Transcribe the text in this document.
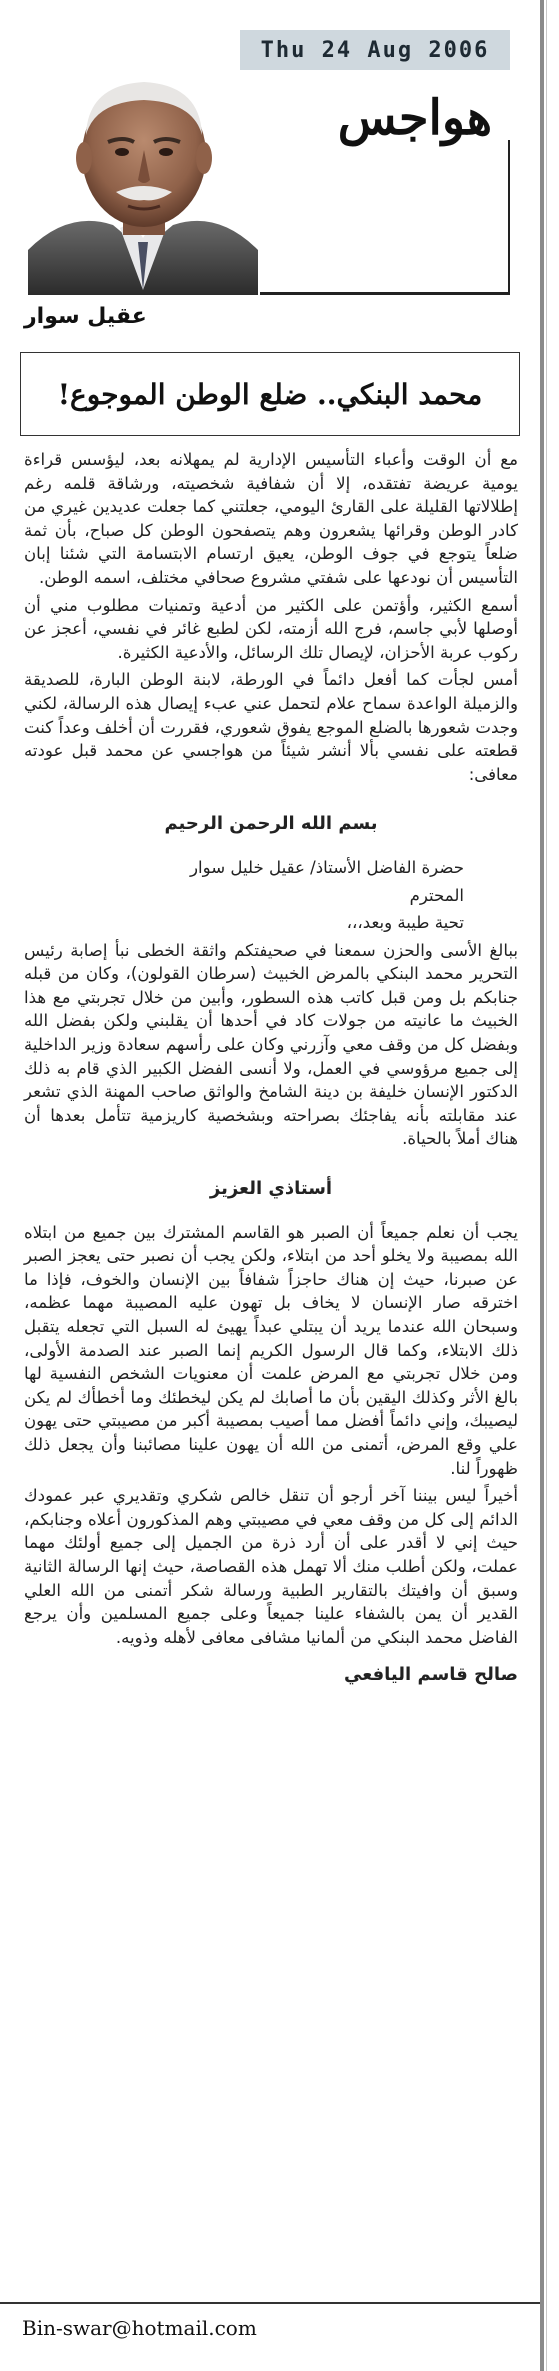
Thu 24 Aug 2006
هواجس
عقيل سوار
محمد البنكي.. ضلع الوطن الموجوع!

مع أن الوقت وأعباء التأسيس الإدارية لم يمهلانه بعد، ليؤسس قراءة يومية عريضة تفتقده، إلا أن شفافية شخصيته، ورشاقة قلمه رغم إطلالاتها القليلة على القارئ اليومي، جعلتني كما جعلت عديدين غيري من كادر الوطن وقرائها يشعرون وهم يتصفحون الوطن كل صباح، بأن ثمة ضلعاً يتوجع في جوف الوطن، يعيق ارتسام الابتسامة التي شئنا إبان التأسيس أن نودعها على شفتي مشروع صحافي مختلف، اسمه الوطن.

أسمع الكثير، وأؤتمن على الكثير من أدعية وتمنيات مطلوب مني أن أوصلها لأبي جاسم، فرج الله أزمته، لكن لطبع غائر في نفسي، أعجز عن ركوب عربة الأحزان، لإيصال تلك الرسائل، والأدعية الكثيرة.

أمس لجأت كما أفعل دائماً في الورطة، لابنة الوطن البارة، للصديقة والزميلة الواعدة سماح علام لتحمل عني عبء إيصال هذه الرسالة، لكني وجدت شعورها بالضلع الموجع يفوق شعوري، فقررت أن أخلف وعداً كنت قطعته على نفسي بألا أنشر شيئاً من هواجسي عن محمد قبل عودته معافى:

بسم الله الرحمن الرحيم

حضرة الفاضل الأستاذ/ عقيل خليل سوار

المحترم

تحية طيبة وبعد،،،

ببالغ الأسى والحزن سمعنا في صحيفتكم واثقة الخطى نبأ إصابة رئيس التحرير محمد البنكي بالمرض الخبيث (سرطان القولون)، وكان من قبله جنابكم بل ومن قبل كاتب هذه السطور، وأبين من خلال تجربتي مع هذا الخبيث ما عانيته من جولات كاد في أحدها أن يقلبني ولكن بفضل الله وبفضل كل من وقف معي وآزرني وكان على رأسهم سعادة وزير الداخلية إلى جميع مرؤوسي في العمل، ولا أنسى الفضل الكبير الذي قام به ذلك الدكتور الإنسان خليفة بن دينة الشامخ والواثق صاحب المهنة الذي تشعر عند مقابلته بأنه يفاجئك بصراحته وبشخصية كاريزمية تتأمل بعدها أن هناك أملاً بالحياة.

أستاذي العزيز

يجب أن نعلم جميعاً أن الصبر هو القاسم المشترك بين جميع من ابتلاه الله بمصيبة ولا يخلو أحد من ابتلاء، ولكن يجب أن نصبر حتى يعجز الصبر عن صبرنا، حيث إن هناك حاجزاً شفافاً بين الإنسان والخوف، فإذا ما اخترقه صار الإنسان لا يخاف بل تهون عليه المصيبة مهما عظمه، وسبحان الله عندما يريد أن يبتلي عبداً يهيئ له السبل التي تجعله يتقبل ذلك الابتلاء، وكما قال الرسول الكريم إنما الصبر عند الصدمة الأولى، ومن خلال تجربتي مع المرض علمت أن معنويات الشخص النفسية لها بالغ الأثر وكذلك اليقين بأن ما أصابك لم يكن ليخطئك وما أخطأك لم يكن ليصيبك، وإني دائماً أفضل مما أصيب بمصيبة أكبر من مصيبتي حتى يهون علي وقع المرض، أتمنى من الله أن يهون علينا مصائبنا وأن يجعل ذلك ظهوراً لنا.

أخيراً ليس بيننا آخر أرجو أن تنقل خالص شكري وتقديري عبر عمودك الدائم إلى كل من وقف معي في مصيبتي وهم المذكورون أعلاه وجنابكم، حيث إني لا أقدر على أن أرد ذرة من الجميل إلى جميع أولئك مهما عملت، ولكن أطلب منك ألا تهمل هذه القصاصة، حيث إنها الرسالة الثانية وسبق أن وافيتك بالتقارير الطبية ورسالة شكر أتمنى من الله العلي القدير أن يمن بالشفاء علينا جميعاً وعلى جميع المسلمين وأن يرجع الفاضل محمد البنكي من ألمانيا مشافى معافى لأهله وذويه.

صالح قاسم اليافعي
Bin-swar@hotmail.com
